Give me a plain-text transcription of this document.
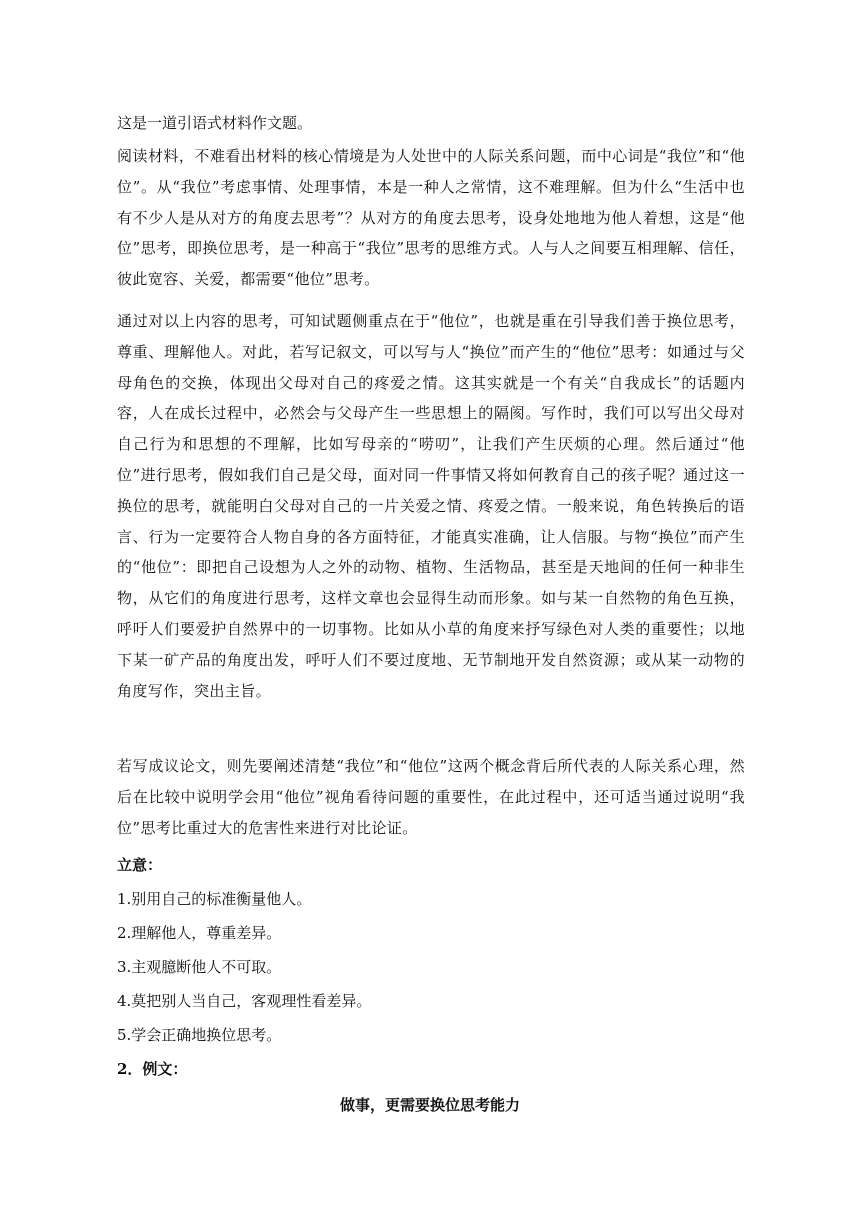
这是一道引语式材料作文题。

阅读材料，不难看出材料的核心情境是为人处世中的人际关系问题，而中心词是“我位”和“他位”。从“我位”考虑事情、处理事情，本是一种人之常情，这不难理解。但为什么“生活中也有不少人是从对方的角度去思考”？从对方的角度去思考，设身处地地为他人着想，这是“他位”思考，即换位思考，是一种高于“我位”思考的思维方式。人与人之间要互相理解、信任，彼此宽容、关爱，都需要“他位”思考。

通过对以上内容的思考，可知试题侧重点在于“他位”，也就是重在引导我们善于换位思考，尊重、理解他人。对此，若写记叙文，可以写与人“换位”而产生的“他位”思考：如通过与父母角色的交换，体现出父母对自己的疼爱之情。这其实就是一个有关“自我成长”的话题内容，人在成长过程中，必然会与父母产生一些思想上的隔阂。写作时，我们可以写出父母对自己行为和思想的不理解，比如写母亲的“唠叨”，让我们产生厌烦的心理。然后通过“他位”进行思考，假如我们自己是父母，面对同一件事情又将如何教育自己的孩子呢？通过这一换位的思考，就能明白父母对自己的一片关爱之情、疼爱之情。一般来说，角色转换后的语言、行为一定要符合人物自身的各方面特征，才能真实准确，让人信服。与物“换位”而产生的“他位”：即把自己设想为人之外的动物、植物、生活物品，甚至是天地间的任何一种非生物，从它们的角度进行思考，这样文章也会显得生动而形象。如与某一自然物的角色互换，呼吁人们要爱护自然界中的一切事物。比如从小草的角度来抒写绿色对人类的重要性；以地下某一矿产品的角度出发，呼吁人们不要过度地、无节制地开发自然资源；或从某一动物的角度写作，突出主旨。

若写成议论文，则先要阐述清楚“我位”和“他位”这两个概念背后所代表的人际关系心理，然后在比较中说明学会用“他位”视角看待问题的重要性，在此过程中，还可适当通过说明“我位”思考比重过大的危害性来进行对比论证。

立意：

1.别用自己的标准衡量他人。

2.理解他人，尊重差异。

3.主观臆断他人不可取。

4.莫把别人当自己，客观理性看差异。

5.学会正确地换位思考。

2．例文：

做事，更需要换位思考能力
